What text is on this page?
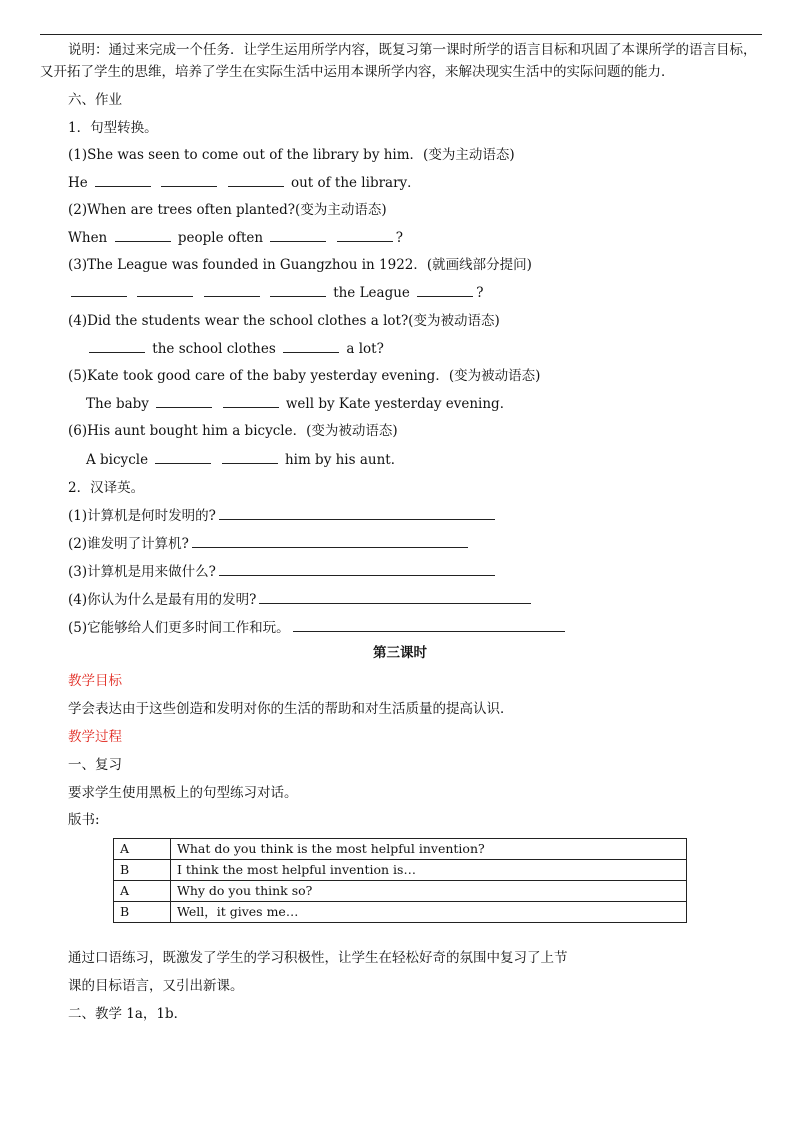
说明：通过来完成一个任务．让学生运用所学内容，既复习第一课时所学的语言目标和巩固了本课所学的语言目标，
又开拓了学生的思维，培养了学生在实际生活中运用本课所学内容，来解决现实生活中的实际问题的能力．
六、作业
1．句型转换。
(1)She was seen to come out of the library by him．(变为主动语态)
He	out of the library．
(2)When are trees often planted?(变为主动语态)
When	people often	?
(3)The League was founded in Guangzhou in 1922．(就画线部分提问)
the League	?
(4)Did the students wear the school clothes a lot?(变为被动语态)
the school clothes	a lot?
(5)Kate took good care of the baby yesterday evening．(变为被动语态)
The baby	well by Kate yesterday evening．
(6)His aunt bought him a bicycle．(变为被动语态)
A bicycle	him by his aunt．
2．汉译英。
(1)计算机是何时发明的?
(2)谁发明了计算机?
(3)计算机是用来做什么?
(4)你认为什么是最有用的发明?
(5)它能够给人们更多时间工作和玩。
第三课时
教学目标
学会表达由于这些创造和发明对你的生活的帮助和对生活质量的提高认识．
教学过程
一、复习
要求学生使用黑板上的句型练习对话。
版书:
A	What do you think is the most helpful invention?
B	I think the most helpful invention is…
A	Why do you think so?
B	Well，it gives me…
通过口语练习，既激发了学生的学习积极性，让学生在轻松好奇的氛围中复习了上节
课的目标语言，又引出新课。
二、教学 1a，1b．
